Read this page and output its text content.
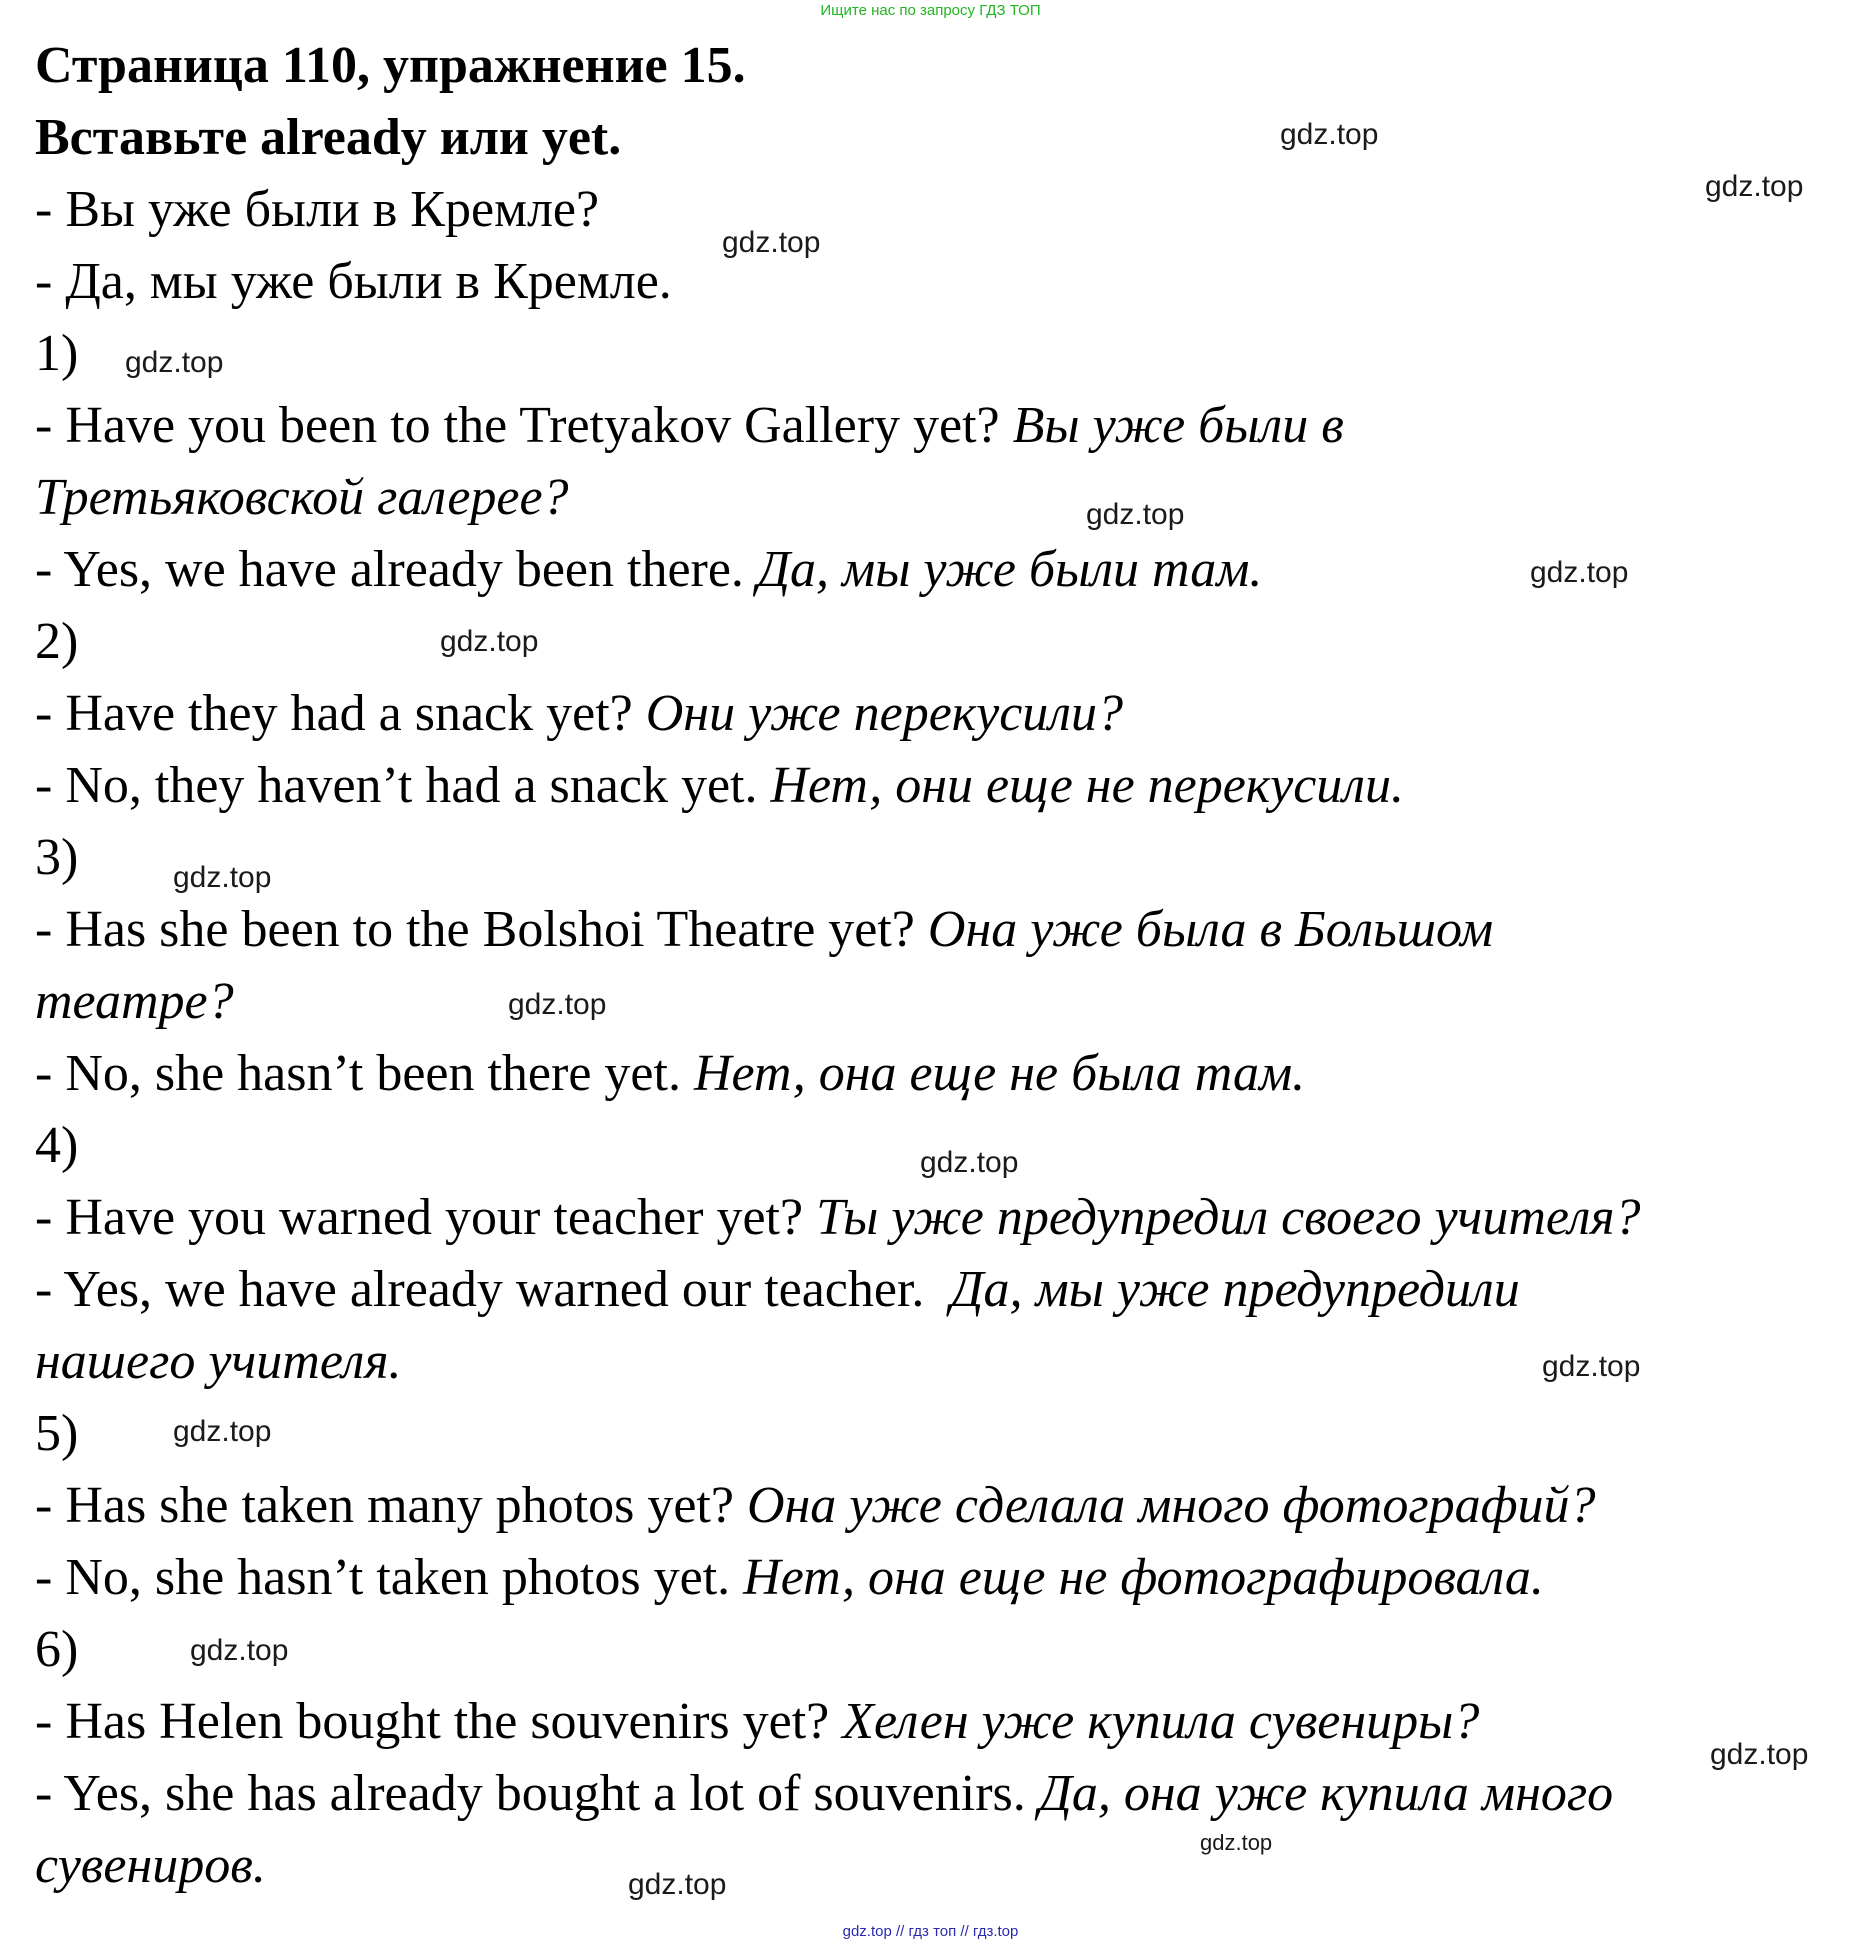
Ищите нас по запросу ГДЗ ТОП
Страница 110, упражнение 15.
Вставьте already или yet.
- Вы уже были в Кремле?
- Да, мы уже были в Кремле.
1)
- Have you been to the Tretyakov Gallery yet? Вы уже были в
Третьяковской галерее?
- Yes, we have already been there. Да, мы уже были там.
2)
- Have they had a snack yet? Они уже перекусили?
- No, they haven’t had a snack yet. Нет, они еще не перекусили.
3)
- Has she been to the Bolshoi Theatre yet? Она уже была в Большом
театре?
- No, she hasn’t been there yet. Нет, она еще не была там.
4)
- Have you warned your teacher yet? Ты уже предупредил своего учителя?
- Yes, we have already warned our teacher. Да, мы уже предупредили
нашего учителя.
5)
- Has she taken many photos yet? Она уже сделала много фотографий?
- No, she hasn’t taken photos yet. Нет, она еще не фотографировала.
6)
- Has Helen bought the souvenirs yet? Хелен уже купила сувениры?
- Yes, she has already bought a lot of souvenirs. Да, она уже купила много
сувениров.
gdz.top
gdz.top
gdz.top
gdz.top
gdz.top
gdz.top
gdz.top
gdz.top
gdz.top
gdz.top
gdz.top
gdz.top
gdz.top
gdz.top
gdz.top
gdz.top
gdz.top // гдз топ // гдз.top
